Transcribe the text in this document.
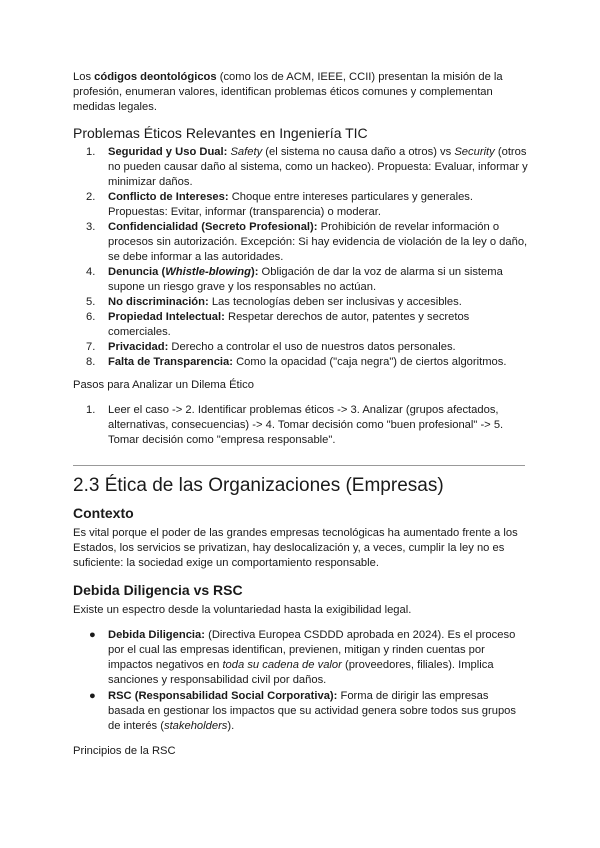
Los códigos deontológicos (como los de ACM, IEEE, CCII) presentan la misión de la profesión, enumeran valores, identifican problemas éticos comunes y complementan medidas legales.

Problemas Éticos Relevantes en Ingeniería TIC
1.	Seguridad y Uso Dual: Safety (el sistema no causa daño a otros) vs Security (otros no pueden causar daño al sistema, como un hackeo). Propuesta: Evaluar, informar y minimizar daños.
2.	Conflicto de Intereses: Choque entre intereses particulares y generales. Propuestas: Evitar, informar (transparencia) o moderar.
3.	Confidencialidad (Secreto Profesional): Prohibición de revelar información o procesos sin autorización. Excepción: Si hay evidencia de violación de la ley o daño, se debe informar a las autoridades.
4.	Denuncia (Whistle-blowing): Obligación de dar la voz de alarma si un sistema supone un riesgo grave y los responsables no actúan.
5.	No discriminación: Las tecnologías deben ser inclusivas y accesibles.
6.	Propiedad Intelectual: Respetar derechos de autor, patentes y secretos comerciales.
7.	Privacidad: Derecho a controlar el uso de nuestros datos personales.
8.	Falta de Transparencia: Como la opacidad ("caja negra") de ciertos algoritmos.

Pasos para Analizar un Dilema Ético

1.	Leer el caso -> 2. Identificar problemas éticos -> 3. Analizar (grupos afectados, alternativas, consecuencias) -> 4. Tomar decisión como "buen profesional" -> 5. Tomar decisión como "empresa responsable".
2.3 Ética de las Organizaciones (Empresas)
Contexto

Es vital porque el poder de las grandes empresas tecnológicas ha aumentado frente a los Estados, los servicios se privatizan, hay deslocalización y, a veces, cumplir la ley no es suficiente: la sociedad exige un comportamiento responsable.

Debida Diligencia vs RSC

Existe un espectro desde la voluntariedad hasta la exigibilidad legal.

● Debida Diligencia: (Directiva Europea CSDDD aprobada en 2024). Es el proceso por el cual las empresas identifican, previenen, mitigan y rinden cuentas por impactos negativos en toda su cadena de valor (proveedores, filiales). Implica sanciones y responsabilidad civil por daños.
● RSC (Responsabilidad Social Corporativa): Forma de dirigir las empresas basada en gestionar los impactos que su actividad genera sobre todos sus grupos de interés (stakeholders).

Principios de la RSC
